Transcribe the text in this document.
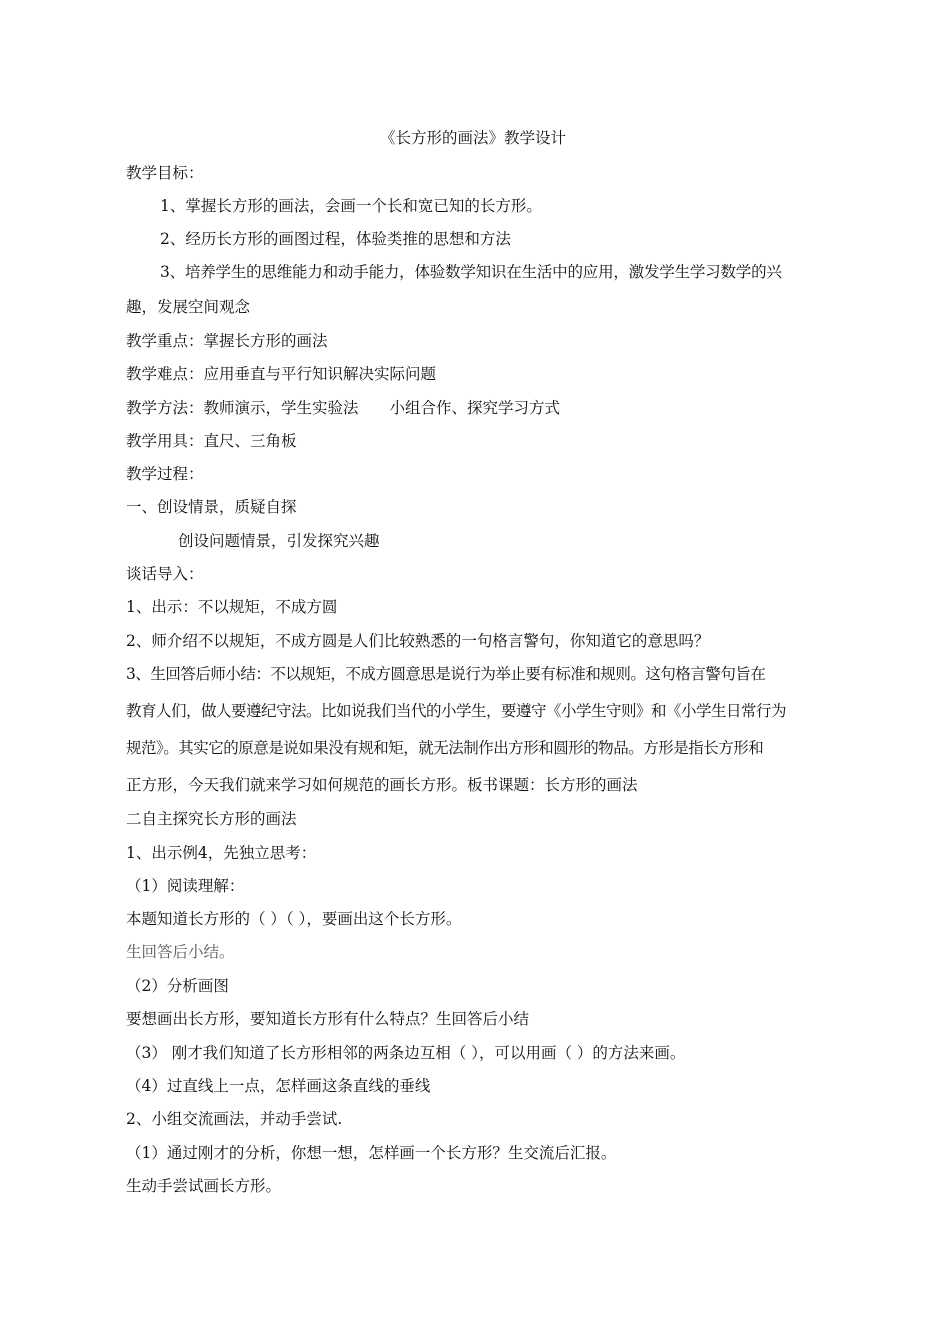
《长方形的画法》教学设计
教学目标：
1、掌握长方形的画法，会画一个长和宽已知的长方形。
2、经历长方形的画图过程，体验类推的思想和方法
3、培养学生的思维能力和动手能力，体验数学知识在生活中的应用，激发学生学习数学的兴
趣，发展空间观念
教学重点：掌握长方形的画法
教学难点：应用垂直与平行知识解决实际问题
教学方法：教师演示，学生实验法　　小组合作、探究学习方式
教学用具：直尺、三角板
教学过程：
一、创设情景，质疑自探
创设问题情景，引发探究兴趣
谈话导入：
1、出示：不以规矩，不成方圆
2、师介绍不以规矩，不成方圆是人们比较熟悉的一句格言警句，你知道它的意思吗？
3、生回答后师小结：不以规矩，不成方圆意思是说行为举止要有标准和规则。这句格言警句旨在
教育人们，做人要遵纪守法。比如说我们当代的小学生，要遵守《小学生守则》和《小学生日常行为
规范》。其实它的原意是说如果没有规和矩，就无法制作出方形和圆形的物品。方形是指长方形和
正方形，今天我们就来学习如何规范的画长方形。板书课题：长方形的画法
二自主探究长方形的画法
1、出示例4，先独立思考：
（1）阅读理解：
本题知道长方形的（ ）（ ），要画出这个长方形。
生回答后小结。
（2）分析画图
要想画出长方形，要知道长方形有什么特点？生回答后小结
（3） 刚才我们知道了长方形相邻的两条边互相（ ），可以用画（ ）的方法来画。
（4）过直线上一点，怎样画这条直线的垂线
2、小组交流画法，并动手尝试.
（1）通过刚才的分析，你想一想，怎样画一个长方形？生交流后汇报。
生动手尝试画长方形。
